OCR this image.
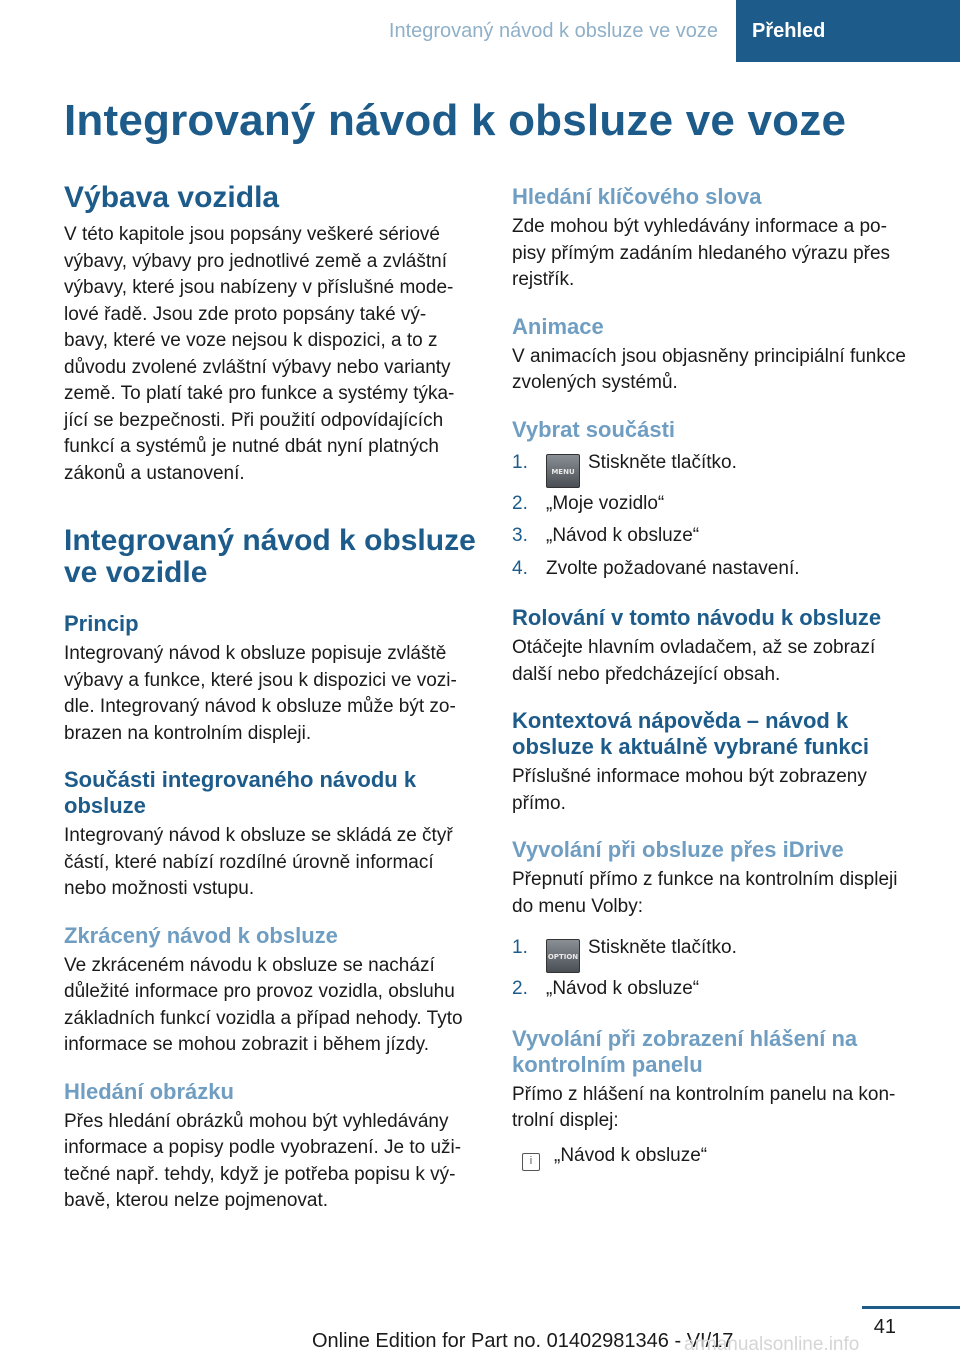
Integrovaný návod k obsluze ve voze	Přehled
Integrovaný návod k obsluze ve voze
Výbava vozidla

V této kapitole jsou popsány veškeré sériové
výbavy, výbavy pro jednotlivé země a zvláštní
výbavy, které jsou nabízeny v příslušné mode-
lové řadě. Jsou zde proto popsány také vý-
bavy, které ve voze nejsou k dispozici, a to z
důvodu zvolené zvláštní výbavy nebo varianty
země. To platí také pro funkce a systémy týka-
jící se bezpečnosti. Při použití odpovídajících
funkcí a systémů je nutné dbát nyní platných
zákonů a ustanovení.

Integrovaný návod k obsluze
ve vozidle
Princip

Integrovaný návod k obsluze popisuje zvláště
výbavy a funkce, které jsou k dispozici ve vozi-
dle. Integrovaný návod k obsluze může být zo-
brazen na kontrolním displeji.

Součásti integrovaného návodu k
obsluze

Integrovaný návod k obsluze se skládá ze čtyř
částí, které nabízí rozdílné úrovně informací
nebo možnosti vstupu.

Zkrácený návod k obsluze

Ve zkráceném návodu k obsluze se nachází
důležité informace pro provoz vozidla, obsluhu
základních funkcí vozidla a případ nehody. Tyto
informace se mohou zobrazit i během jízdy.

Hledání obrázku

Přes hledání obrázků mohou být vyhledávány
informace a popisy podle vyobrazení. Je to uži-
tečné např. tehdy, když je potřeba popisu k vý-
bavě, kterou nelze pojmenovat.

Hledání klíčového slova

Zde mohou být vyhledávány informace a po-
pisy přímým zadáním hledaného výrazu přes
rejstřík.

Animace

V animacích jsou objasněny principiální funkce
zvolených systémů.

Vybrat součásti
1.	MENU Stiskněte tlačítko.
2. „Moje vozidlo“
3. „Návod k obsluze“
4. Zvolte požadované nastavení.
Rolování v tomto návodu k obsluze

Otáčejte hlavním ovladačem, až se zobrazí
další nebo předcházející obsah.

Kontextová nápověda – návod k
obsluze k aktuálně vybrané funkci

Příslušné informace mohou být zobrazeny
přímo.

Vyvolání při obsluze přes iDrive

Přepnutí přímo z funkce na kontrolním displeji
do menu Volby:

1.	OPTION Stiskněte tlačítko.
2. „Návod k obsluze“
Vyvolání při zobrazení hlášení na
kontrolním panelu

Přímo z hlášení na kontrolním panelu na kon-
trolní displej:

i „Návod k obsluze“

41
Online Edition for Part no. 01402981346 - VI/17
armanualsonline.info
